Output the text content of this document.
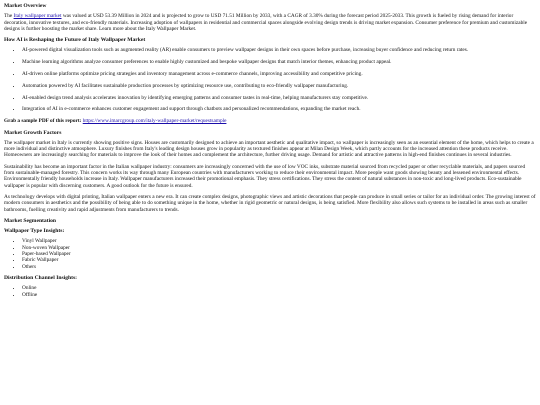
Market Overview

The Italy wallpaper market was valued at USD 53.39 Million in 2024 and is projected to grow to USD 71.51 Million by 2033, with a CAGR of 3.30% during the forecast period 2025-2033. This growth is fueled by rising demand for interior decoration, innovative textures, and eco-friendly materials. Increasing adoption of wallpapers in residential and commercial spaces alongside evolving design trends is driving market expansion. Consumer preference for premium and customizable designs is further boosting the market share. Learn more about the Italy Wallpaper Market.

How AI is Reshaping the Future of Italy Wallpaper Market
• AI-powered digital visualization tools such as augmented reality (AR) enable consumers to preview wallpaper designs in their own spaces before purchase, increasing buyer confidence and reducing return rates.
• Machine learning algorithms analyze consumer preferences to enable highly customized and bespoke wallpaper designs that match interior themes, enhancing product appeal.
• AI-driven online platforms optimize pricing strategies and inventory management across e-commerce channels, improving accessibility and competitive pricing.
• Automation powered by AI facilitates sustainable production processes by optimizing resource use, contributing to eco-friendly wallpaper manufacturing.
• AI-enabled design trend analysis accelerates innovation by identifying emerging patterns and consumer tastes in real-time, helping manufacturers stay competitive.
• Integration of AI in e-commerce enhances customer engagement and support through chatbots and personalized recommendations, expanding the market reach.

Grab a sample PDF of this report: https://www.imarcgroup.com/italy-wallpaper-market/requestsample

Market Growth Factors

The wallpaper market in Italy is currently showing positive signs. Houses are customarily designed to achieve an important aesthetic and qualitative impact, so wallpaper is increasingly seen as an essential element of the home, which helps to create a more individual and distinctive atmosphere. Luxury finishes from Italy's leading design houses grow in popularity as textured finishes appear at Milan Design Week, which partly accounts for the increased attention these products receive. Homeowners are increasingly searching for materials to improve the look of their homes and complement the architecture, further driving usage. Demand for artistic and attractive patterns in high-end finishes continues in several industries.

Sustainability has become an important factor in the Italian wallpaper industry: consumers are increasingly concerned with the use of low VOC inks, substrate material sourced from recycled paper or other recyclable materials, and papers sourced from sustainable-managed forestry. This concern works its way through many European countries with manufacturers working to reduce their environmental impact. More people want goods showing beauty and lessened environmental effects. Environmentally friendly households increase in Italy. Wallpaper manufacturers increased their promotional emphasis. They stress certifications. They stress the content of natural substances in non-toxic and long-lived products. Eco-sustainable wallpaper is popular with discerning customers. A good outlook for the future is ensured.

As technology develops with digital printing, Italian wallpaper enters a new era. It can create complex designs, photographic views and artistic decorations that people can produce in small series or tailor for an individual order. The growing interest of modern consumers in aesthetics and the possibility of being able to do something unique in the home, whether in rigid geometric or natural designs, is being satisfied. More flexibility also allows such systems to be installed in areas such as smaller bathrooms, fuelling creativity and rapid adjustments from manufacturers to trends.

Market Segmentation
Wallpaper Type Insights:
• Vinyl Wallpaper
• Non-woven Wallpaper
• Paper-based Wallpaper
• Fabric Wallpaper
• Others
Distribution Channel Insights:
• Online
• Offline
